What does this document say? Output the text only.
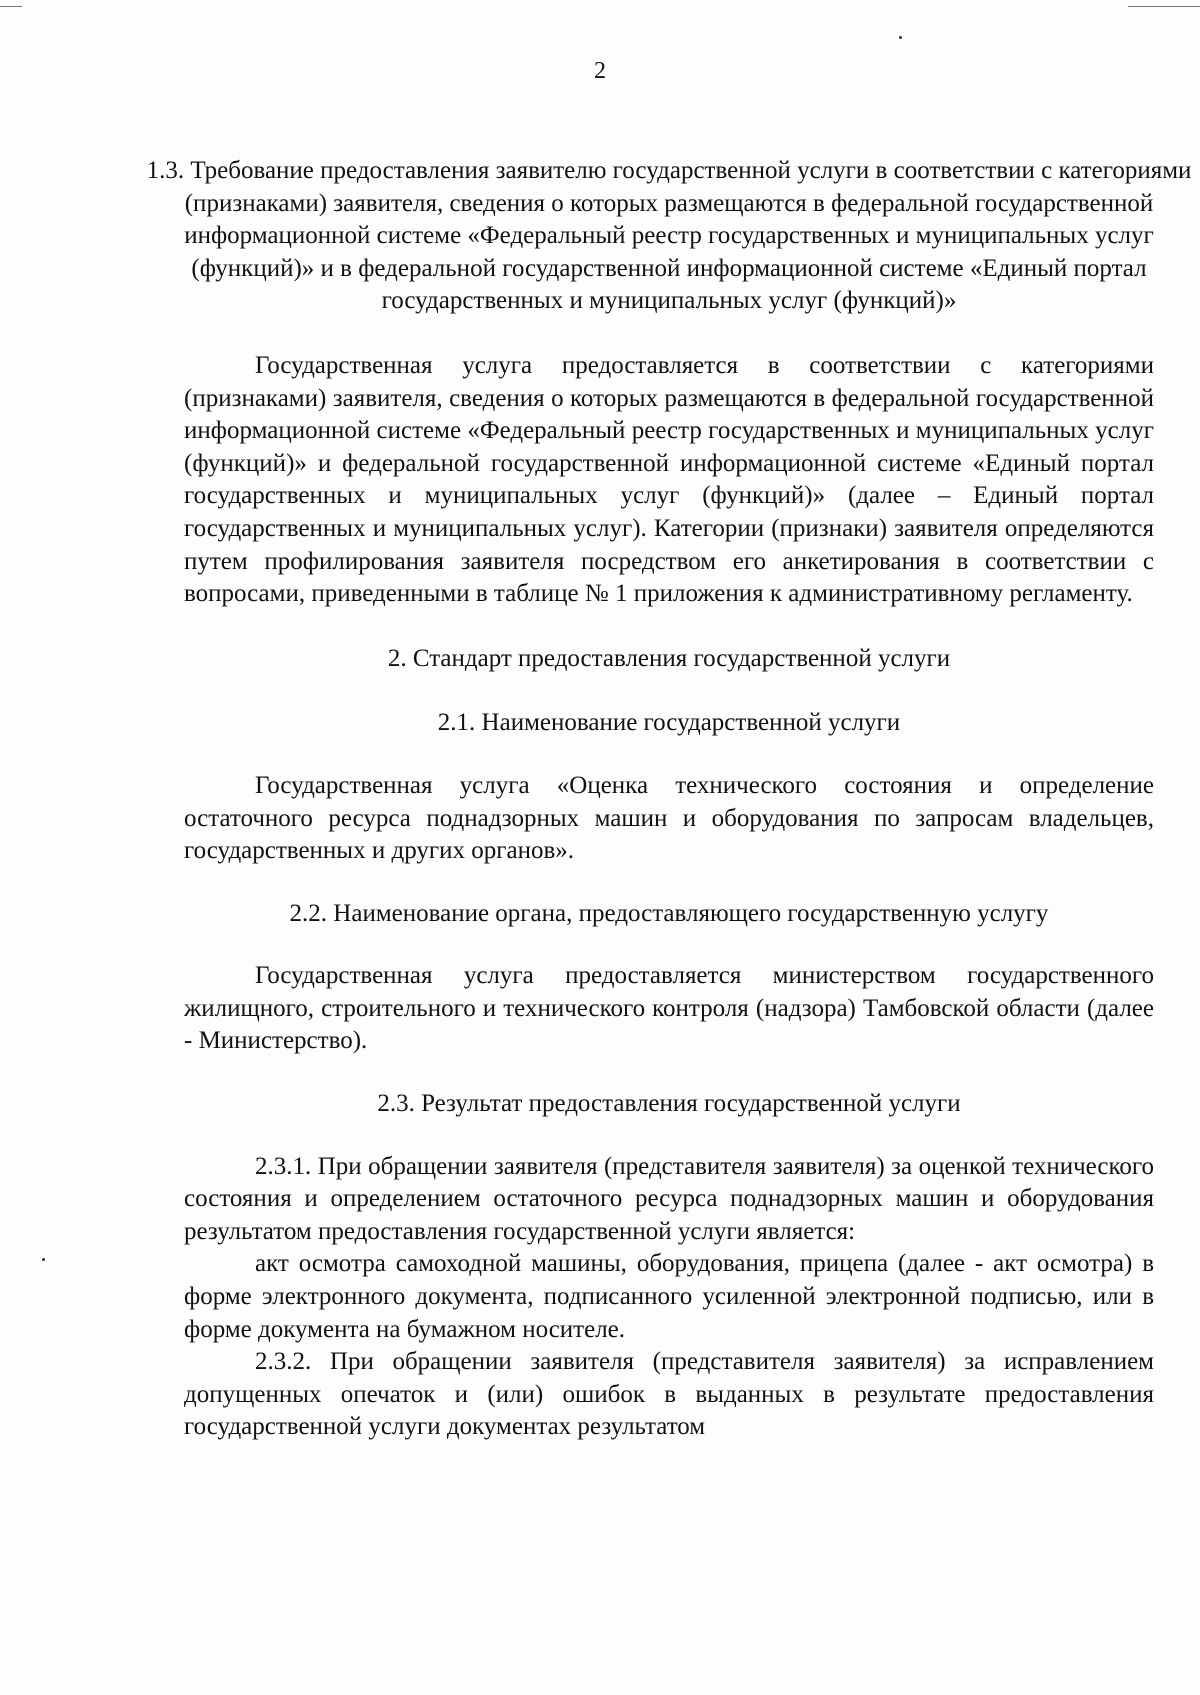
2

1.3. Требование предоставления заявителю государственной услуги в соответствии с категориями (признаками) заявителя, сведения о которых размещаются в федеральной государственной информационной системе «Федеральный реестр государственных и муниципальных услуг (функций)» и в федеральной государственной информационной системе «Единый портал государственных и муниципальных услуг (функций)»

Государственная услуга предоставляется в соответствии с категориями (признаками) заявителя, сведения о которых размещаются в федеральной государственной информационной системе «Федеральный реестр государственных и муниципальных услуг (функций)» и федеральной государственной информационной системе «Единый портал государственных и муниципальных услуг (функций)» (далее – Единый портал государственных и муниципальных услуг). Категории (признаки) заявителя определяются путем профилирования заявителя посредством его анкетирования в соответствии с вопросами, приведенными в таблице № 1 приложения к административному регламенту.

2. Стандарт предоставления государственной услуги

2.1. Наименование государственной услуги

Государственная услуга «Оценка технического состояния и определение остаточного ресурса поднадзорных машин и оборудования по запросам владельцев, государственных и других органов».

2.2. Наименование органа, предоставляющего государственную услугу

Государственная услуга предоставляется министерством государственного жилищного, строительного и технического контроля (надзора) Тамбовской области (далее - Министерство).

2.3. Результат предоставления государственной услуги

2.3.1. При обращении заявителя (представителя заявителя) за оценкой технического состояния и определением остаточного ресурса поднадзорных машин и оборудования результатом предоставления государственной услуги является:

акт осмотра самоходной машины, оборудования, прицепа (далее - акт осмотра) в форме электронного документа, подписанного усиленной электронной подписью, или в форме документа на бумажном носителе.

2.3.2. При обращении заявителя (представителя заявителя) за исправлением допущенных опечаток и (или) ошибок в выданных в результате предоставления государственной услуги документах результатом
